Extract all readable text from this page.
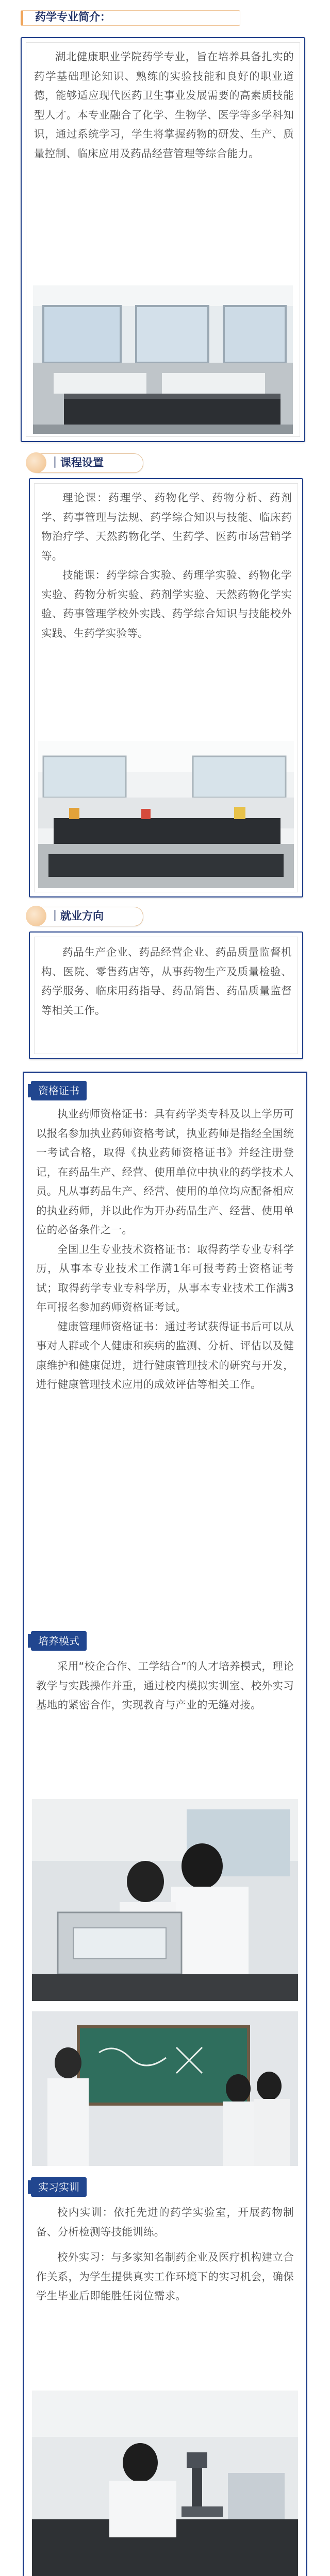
药学专业简介：

湖北健康职业学院药学专业，旨在培养具备扎实的药学基础理论知识、熟练的实验技能和良好的职业道德，能够适应现代医药卫生事业发展需要的高素质技能型人才。本专业融合了化学、生物学、医学等多学科知识，通过系统学习，学生将掌握药物的研发、生产、质量控制、临床应用及药品经营管理等综合能力。

｜课程设置

理论课：药理学、药物化学、药物分析、药剂学、药事管理与法规、药学综合知识与技能、临床药物治疗学、天然药物化学、生药学、医药市场营销学等。

技能课：药学综合实验、药理学实验、药物化学实验、药物分析实验、药剂学实验、天然药物化学实验、药事管理学校外实践、药学综合知识与技能校外实践、生药学实验等。

｜就业方向

药品生产企业、药品经营企业、药品质量监督机构、医院、零售药店等，从事药物生产及质量检验、药学服务、临床用药指导、药品销售、药品质量监督等相关工作。

资格证书

执业药师资格证书：具有药学类专科及以上学历可以报名参加执业药师资格考试，执业药师是指经全国统一考试合格，取得《执业药师资格证书》并经注册登记，在药品生产、经营、使用单位中执业的药学技术人员。凡从事药品生产、经营、使用的单位均应配备相应的执业药师，并以此作为开办药品生产、经营、使用单位的必备条件之一。

全国卫生专业技术资格证书：取得药学专业专科学历，从事本专业技术工作满1年可报考药士资格证考试；取得药学专业专科学历，从事本专业技术工作满3年可报名参加药师资格证考试。

健康管理师资格证书：通过考试获得证书后可以从事对人群或个人健康和疾病的监测、分析、评估以及健康维护和健康促进，进行健康管理技术的研究与开发，进行健康管理技术应用的成效评估等相关工作。

培养模式

采用“校企合作、工学结合”的人才培养模式，理论教学与实践操作并重，通过校内模拟实训室、校外实习基地的紧密合作，实现教育与产业的无缝对接。

实习实训

校内实训：依托先进的药学实验室，开展药物制备、分析检测等技能训练。

校外实习：与多家知名制药企业及医疗机构建立合作关系，为学生提供真实工作环境下的实习机会，确保学生毕业后即能胜任岗位需求。
